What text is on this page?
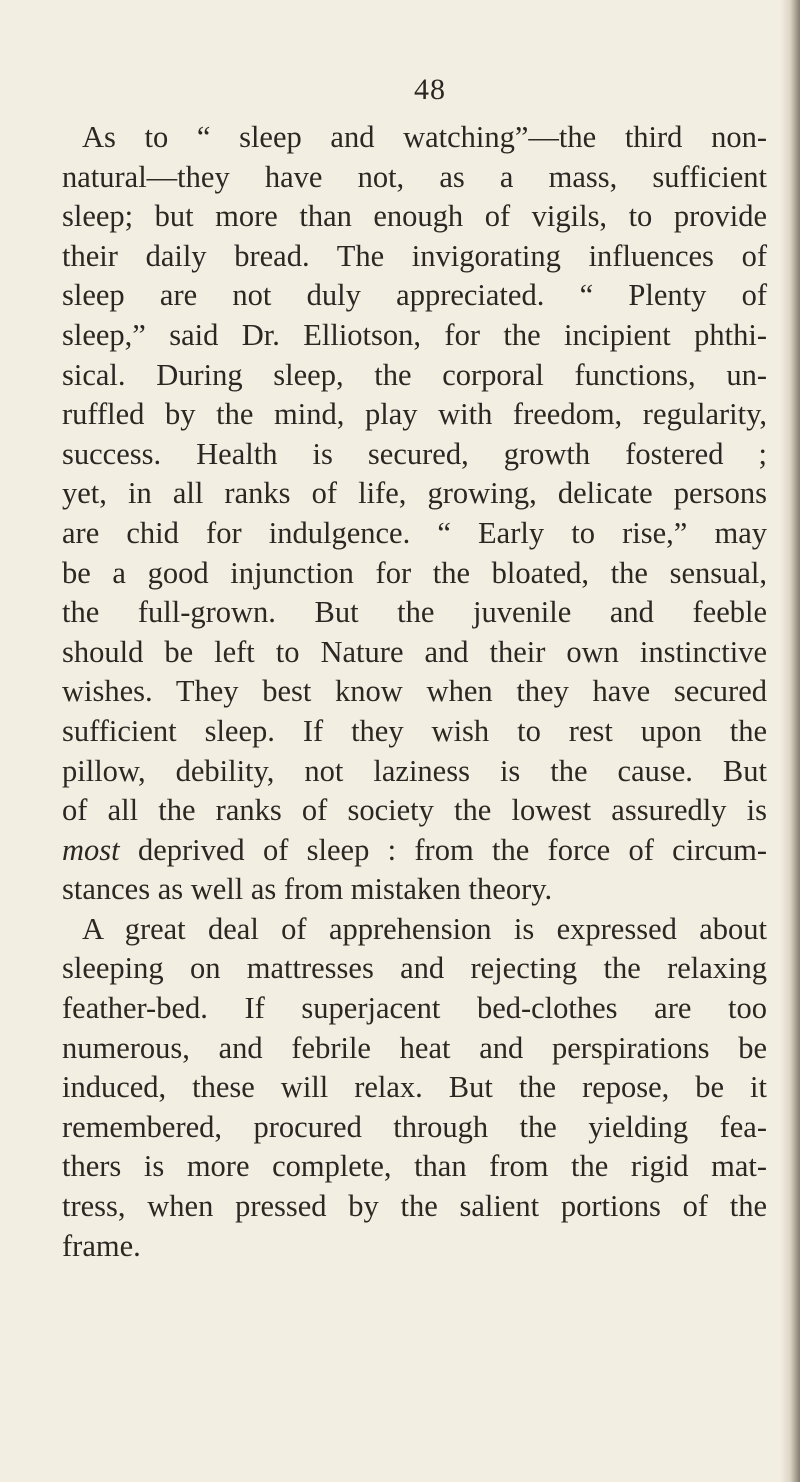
48
As to “ sleep and watching”—the third non-
natural—they have not, as a mass, sufficient
sleep; but more than enough of vigils, to provide
their daily bread. The invigorating influences of
sleep are not duly appreciated. “ Plenty of
sleep,” said Dr. Elliotson, for the incipient phthi-
sical. During sleep, the corporal functions, un-
ruffled by the mind, play with freedom, regularity,
success. Health is secured, growth fostered ;
yet, in all ranks of life, growing, delicate persons
are chid for indulgence. “ Early to rise,” may
be a good injunction for the bloated, the sensual,
the full-grown. But the juvenile and feeble
should be left to Nature and their own instinctive
wishes. They best know when they have secured
sufficient sleep. If they wish to rest upon the
pillow, debility, not laziness is the cause. But
of all the ranks of society the lowest assuredly is
most deprived of sleep : from the force of circum-
stances as well as from mistaken theory.
A great deal of apprehension is expressed about
sleeping on mattresses and rejecting the relaxing
feather-bed. If superjacent bed-clothes are too
numerous, and febrile heat and perspirations be
induced, these will relax. But the repose, be it
remembered, procured through the yielding fea-
thers is more complete, than from the rigid mat-
tress, when pressed by the salient portions of the
frame.
